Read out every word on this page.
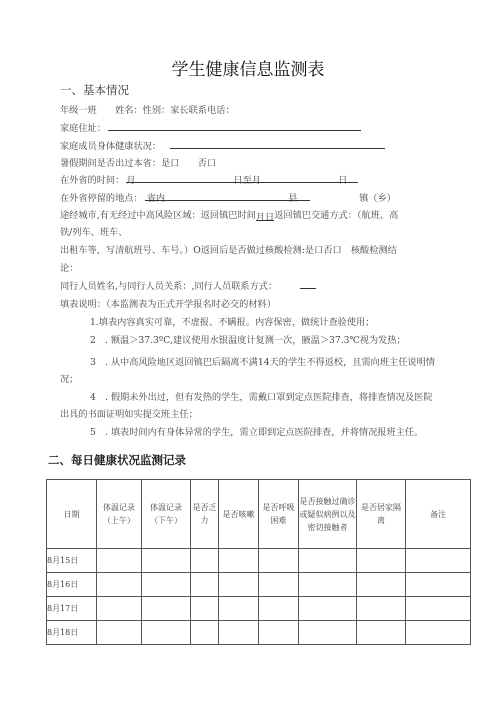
学生健康信息监测表
一、基本情况
年级一班　　姓名：性别：家长联系电话：
家庭住址：
家庭成员身体健康状况：
暑假期间是否出过本省：是口　　否口
在外省的时间： 月	日至月	日
在外省停留的地点： 省内	县	镇（乡）
途经城市,有无经过中高风险区域：返回镇巴时间月日返回镇巴交通方式：（航班、高
铁/列车、班车、
出租车等，写清航班号、车号。）O返回后是否做过核酸检测:是口否口　核酸检测结
论：
同行人员姓名,与同行人员关系：,同行人员联系方式：
填表说明：（本监测表为正式开学报名时必交的材料）
1.填表内容真实可靠，不虚报、不瞒报。内容保密，做统计查验使用；
2　. 额温＞37.3ºC,建议使用水银温度计复测一次，腋温＞37.3℃视为发热；
3　. 从中高风险地区返回镇巴后隔离不满14天的学生不得返校，且需向班主任说明情
况；
4　. 假期未外出过，但有发热的学生，需戴口罩到定点医院排查，将排查情况及医院
出具的书面证明如实提交班主任；
5　. 填表时间内有身体异常的学生，需立即到定点医院排查，并将情况报班主任。
二、每日健康状况监测记录
日期	体温记录
（上午）	体温记录
（下午）	是否乏
力	是否咳嗽	是否呼吸
困难	是否接触过确诊
或疑似病例以及
密切接触者	是否居家隔
离	备注
8月15日								
8月16日								
8月17日								
8月18日								
